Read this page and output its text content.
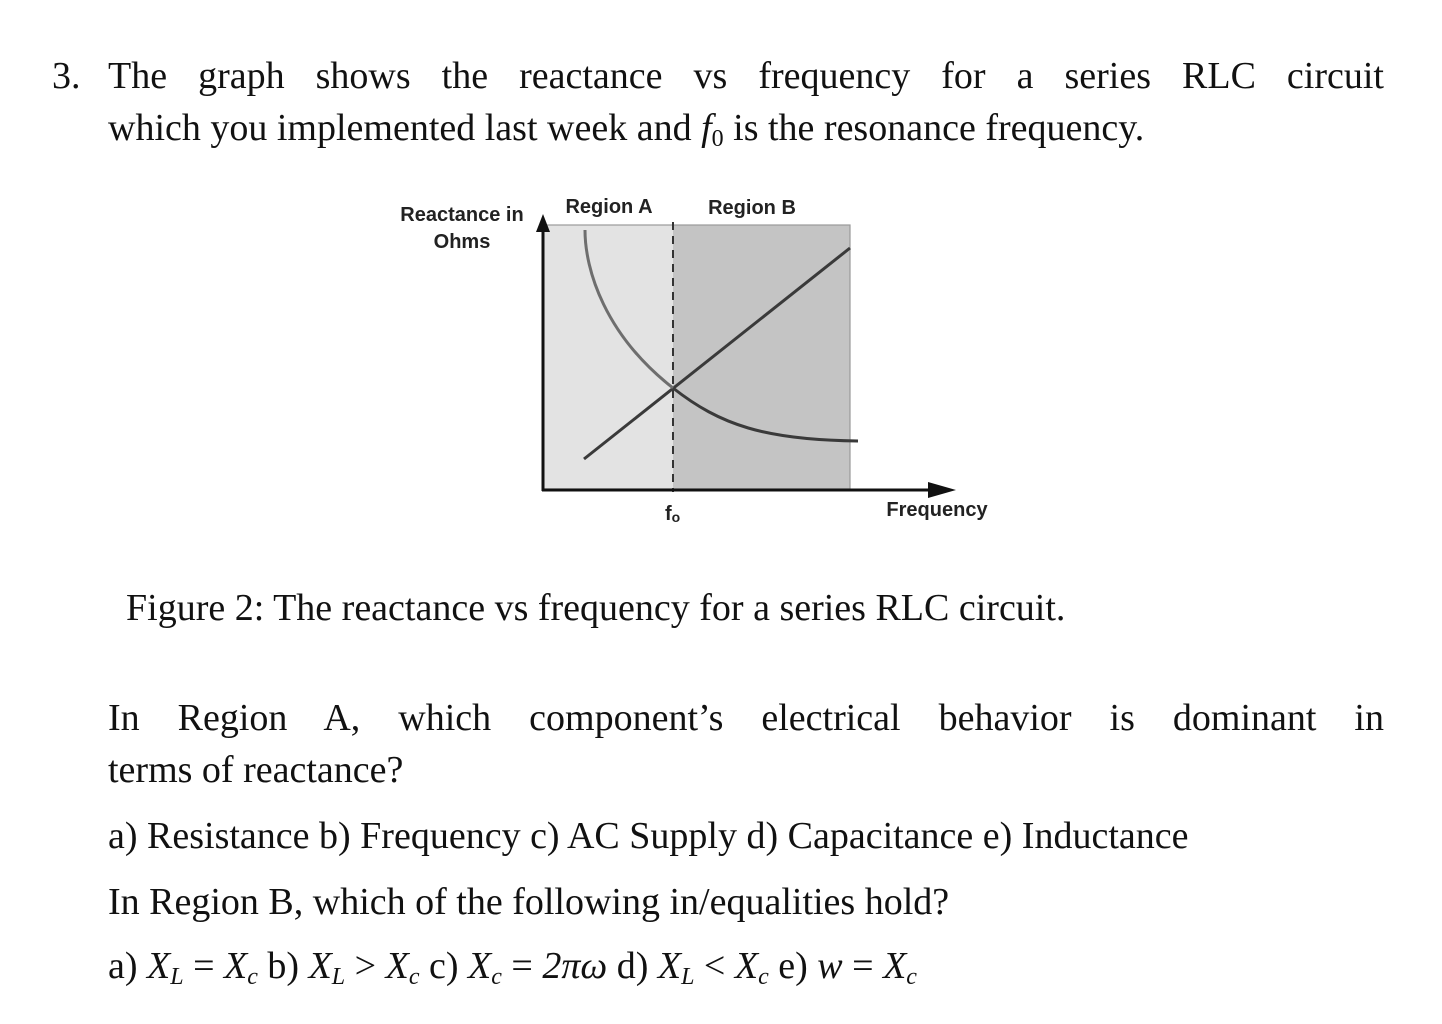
3. The graph shows the reactance vs frequency for a series RLC circuit
which you implemented last week and $f_0$ is the resonance frequency.
Reactance in
Ohms
Region A	Region B
fo	Frequency
Figure 2: The reactance vs frequency for a series RLC circuit.
In Region A, which component’s electrical behavior is dominant in
terms of reactance?
a) Resistance b) Frequency c) AC Supply d) Capacitance e) Inductance
In Region B, which of the following in/equalities hold?
a) $X_L = X_c$ b) $X_L > X_c$ c) $X_c = 2\pi\omega$ d) $X_L < X_c$ e) $w = X_c$
